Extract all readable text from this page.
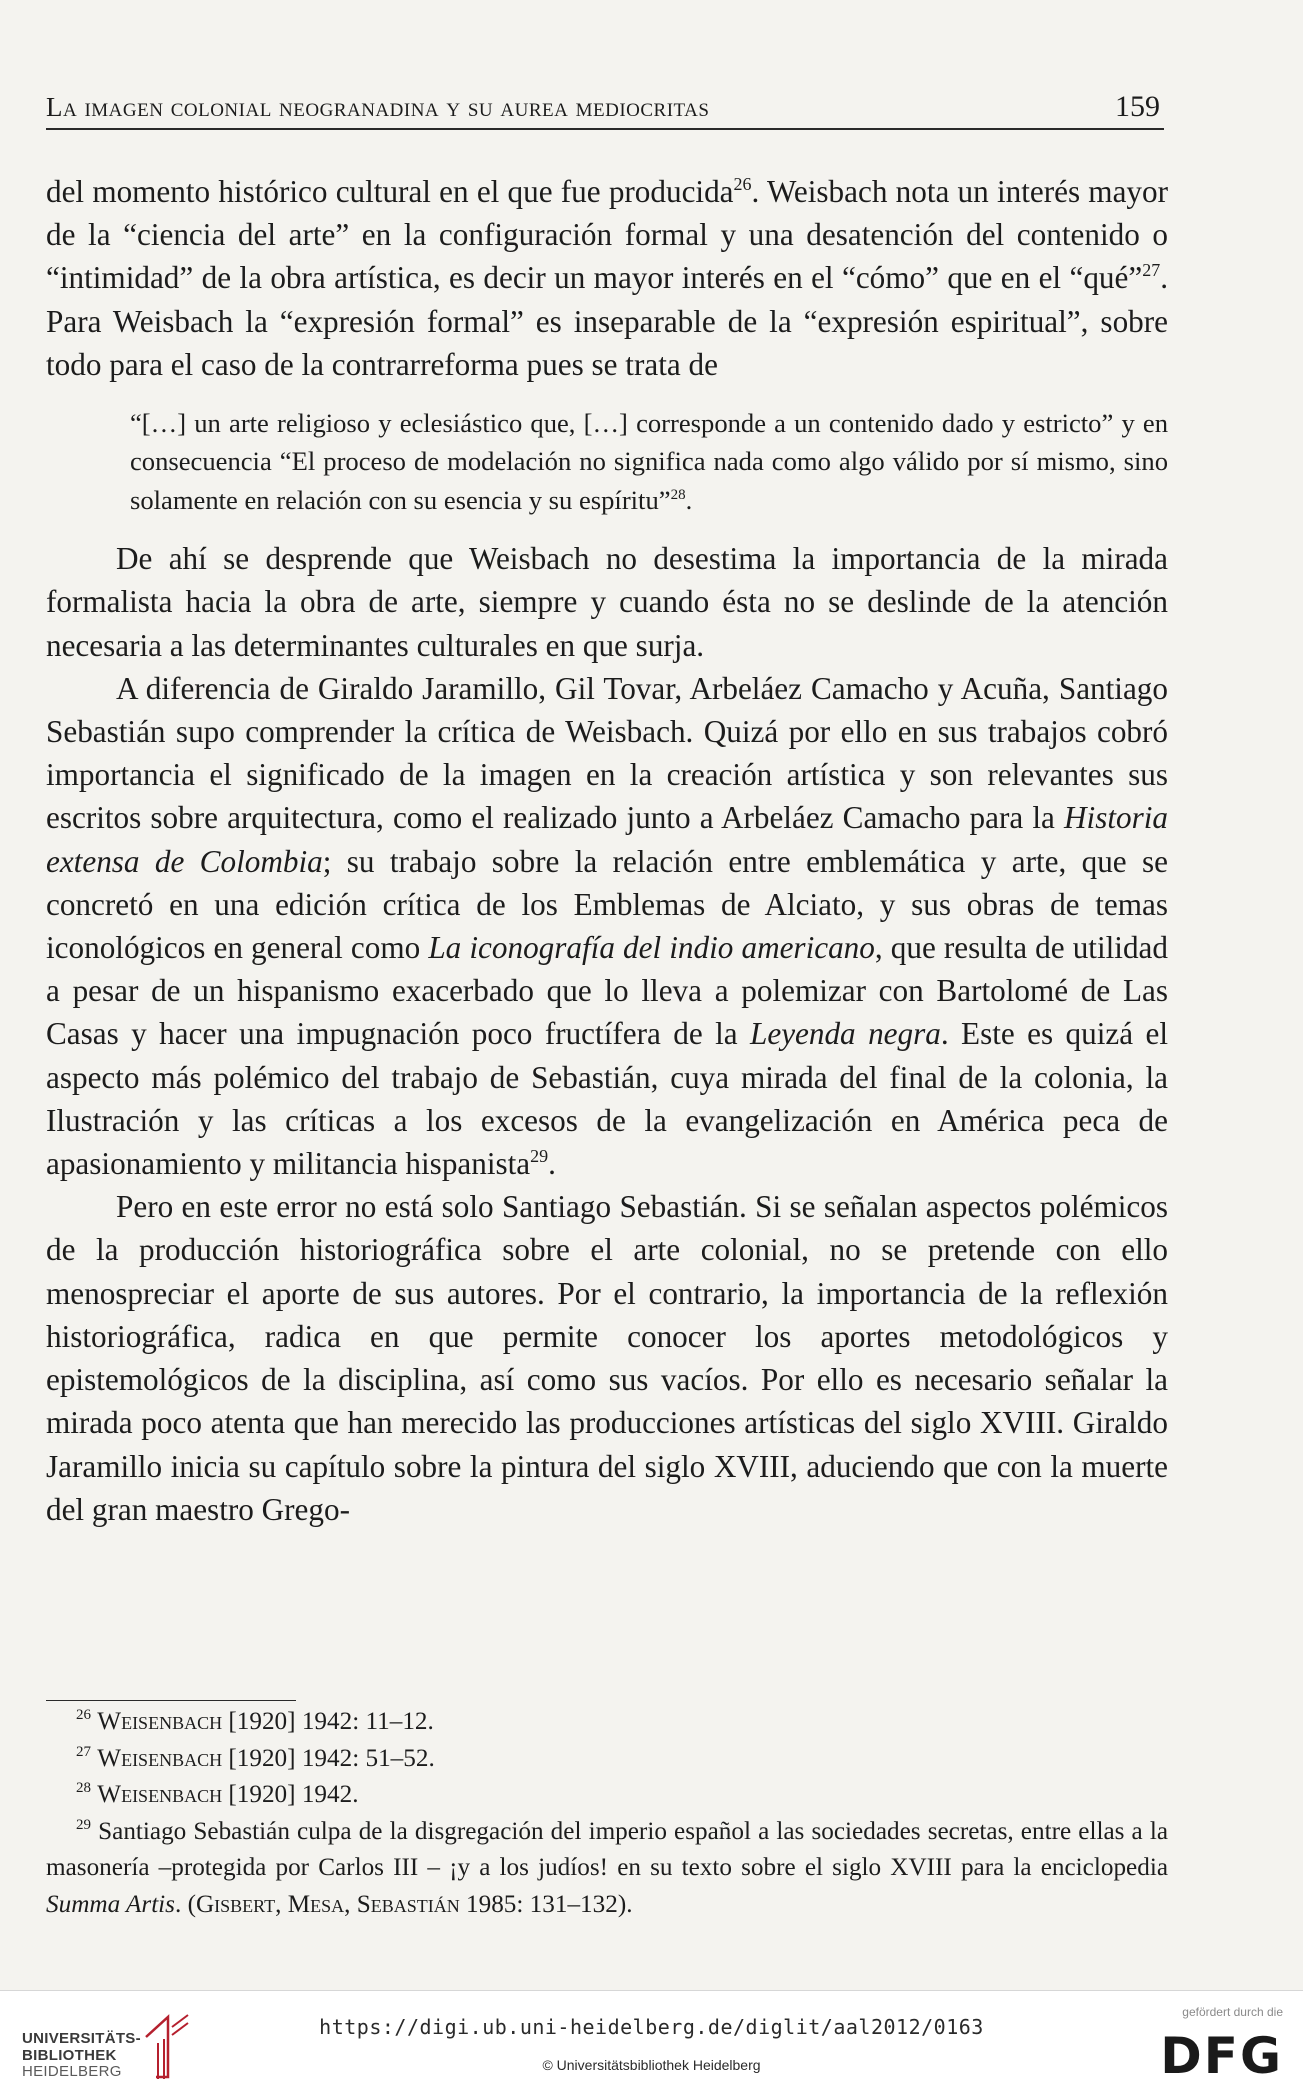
La imagen colonial neogranadina y su aurea mediocritas	159

del momento histórico cultural en el que fue producida$^{26}$. Weisbach nota un interés mayor de la “ciencia del arte” en la configuración formal y una desatención del contenido o “intimidad” de la obra artística, es decir un mayor interés en el “cómo” que en el “qué”$^{27}$. Para Weisbach la “expresión formal” es inseparable de la “expresión espiritual”, sobre todo para el caso de la contrarreforma pues se trata de

“[…] un arte religioso y eclesiástico que, […] corresponde a un contenido dado y estricto” y en consecuencia “El proceso de modelación no significa nada como algo válido por sí mismo, sino solamente en relación con su esencia y su espíritu”$^{28}$.

De ahí se desprende que Weisbach no desestima la importancia de la mirada formalista hacia la obra de arte, siempre y cuando ésta no se deslinde de la atención necesaria a las determinantes culturales en que surja.

A diferencia de Giraldo Jaramillo, Gil Tovar, Arbeláez Camacho y Acuña, Santiago Sebastián supo comprender la crítica de Weisbach. Quizá por ello en sus trabajos cobró importancia el significado de la imagen en la creación artística y son relevantes sus escritos sobre arquitectura, como el realizado junto a Arbeláez Camacho para la Historia extensa de Colombia; su trabajo sobre la relación entre emblemática y arte, que se concretó en una edición crítica de los Emblemas de Alciato, y sus obras de temas iconológicos en general como La iconografía del indio americano, que resulta de utilidad a pesar de un hispanismo exacerbado que lo lleva a polemizar con Bartolomé de Las Casas y hacer una impugnación poco fructífera de la Leyenda negra. Este es quizá el aspecto más polémico del trabajo de Sebastián, cuya mirada del final de la colonia, la Ilustración y las críticas a los excesos de la evangelización en América peca de apasionamiento y militancia hispanista$^{29}$.

Pero en este error no está solo Santiago Sebastián. Si se señalan aspectos polémicos de la producción historiográfica sobre el arte colonial, no se pretende con ello menospreciar el aporte de sus autores. Por el contrario, la importancia de la reflexión historiográfica, radica en que permite conocer los aportes metodológicos y epistemológicos de la disciplina, así como sus vacíos. Por ello es necesario señalar la mirada poco atenta que han merecido las producciones artísticas del siglo XVIII. Giraldo Jaramillo inicia su capítulo sobre la pintura del siglo XVIII, aduciendo que con la muerte del gran maestro Grego-

$^{26}$ Weisenbach [1920] 1942: 11–12.

$^{27}$ Weisenbach [1920] 1942: 51–52.

$^{28}$ Weisenbach [1920] 1942.

$^{29}$ Santiago Sebastián culpa de la disgregación del imperio español a las sociedades secretas, entre ellas a la masonería –protegida por Carlos III – ¡y a los judíos! en su texto sobre el siglo XVIII para la enciclopedia Summa Artis. (Gisbert, Mesa, Sebastián 1985: 131–132).

UNIVERSITÄTS-
BIBLIOTHEK
HEIDELBERG
https://digi.ub.uni-heidelberg.de/diglit/aal2012/0163
© Universitätsbibliothek Heidelberg
gefördert durch die
DFG
